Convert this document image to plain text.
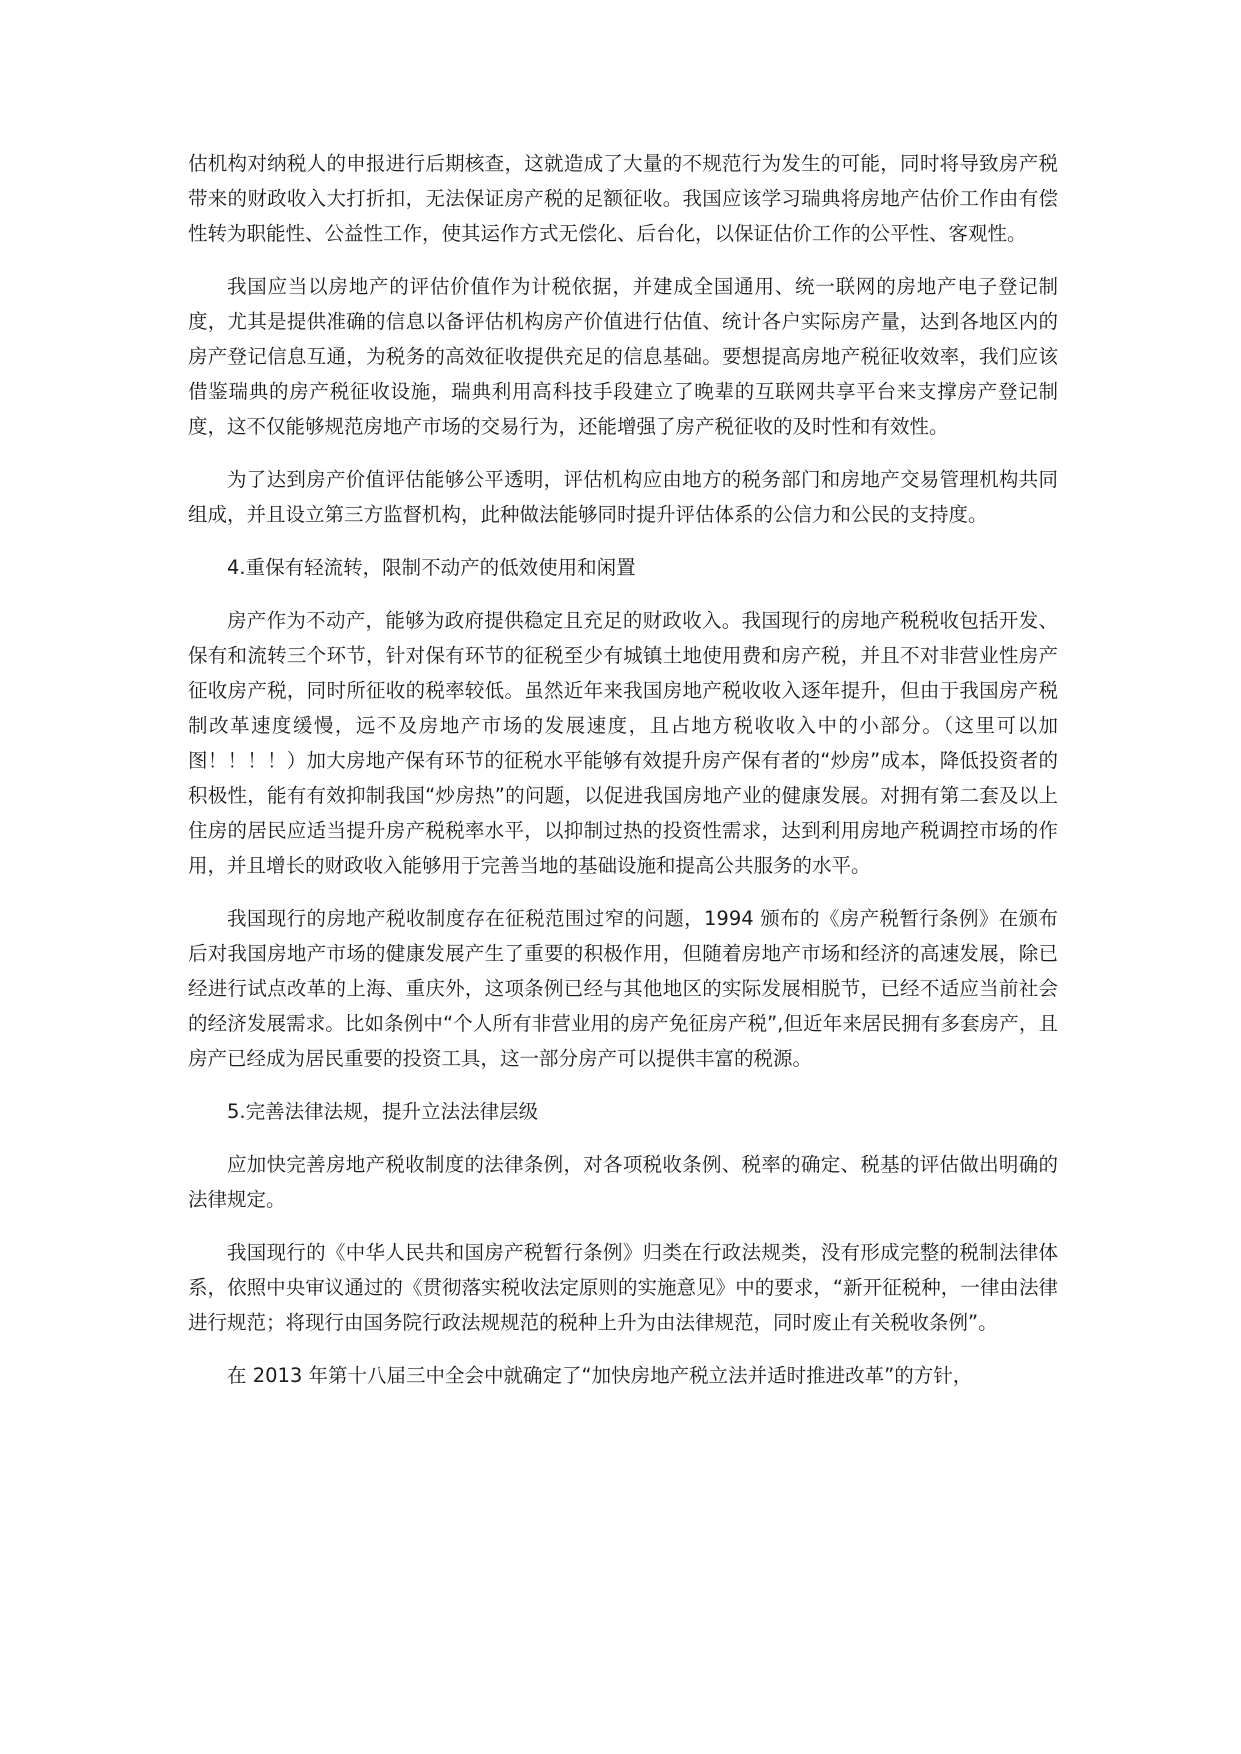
估机构对纳税人的申报进行后期核查，这就造成了大量的不规范行为发生的可能，同时将导致房产税带来的财政收入大打折扣，无法保证房产税的足额征收。我国应该学习瑞典将房地产估价工作由有偿性转为职能性、公益性工作，使其运作方式无偿化、后台化，以保证估价工作的公平性、客观性。

我国应当以房地产的评估价值作为计税依据，并建成全国通用、统一联网的房地产电子登记制度，尤其是提供准确的信息以备评估机构房产价值进行估值、统计各户实际房产量，达到各地区内的房产登记信息互通，为税务的高效征收提供充足的信息基础。要想提高房地产税征收效率，我们应该借鉴瑞典的房产税征收设施，瑞典利用高科技手段建立了晚辈的互联网共享平台来支撑房产登记制度，这不仅能够规范房地产市场的交易行为，还能增强了房产税征收的及时性和有效性。

为了达到房产价值评估能够公平透明，评估机构应由地方的税务部门和房地产交易管理机构共同组成，并且设立第三方监督机构，此种做法能够同时提升评估体系的公信力和公民的支持度。

4.重保有轻流转，限制不动产的低效使用和闲置

房产作为不动产，能够为政府提供稳定且充足的财政收入。我国现行的房地产税税收包括开发、保有和流转三个环节，针对保有环节的征税至少有城镇土地使用费和房产税，并且不对非营业性房产征收房产税，同时所征收的税率较低。虽然近年来我国房地产税收收入逐年提升，但由于我国房产税制改革速度缓慢，远不及房地产市场的发展速度，且占地方税收收入中的小部分。（这里可以加图！！！！）加大房地产保有环节的征税水平能够有效提升房产保有者的“炒房”成本，降低投资者的积极性，能有有效抑制我国“炒房热”的问题，以促进我国房地产业的健康发展。对拥有第二套及以上住房的居民应适当提升房产税税率水平，以抑制过热的投资性需求，达到利用房地产税调控市场的作用，并且增长的财政收入能够用于完善当地的基础设施和提高公共服务的水平。

我国现行的房地产税收制度存在征税范围过窄的问题，1994 颁布的《房产税暂行条例》在颁布后对我国房地产市场的健康发展产生了重要的积极作用，但随着房地产市场和经济的高速发展，除已经进行试点改革的上海、重庆外，这项条例已经与其他地区的实际发展相脱节，已经不适应当前社会的经济发展需求。比如条例中“个人所有非营业用的房产免征房产税”,但近年来居民拥有多套房产，且房产已经成为居民重要的投资工具，这一部分房产可以提供丰富的税源。

5.完善法律法规，提升立法法律层级

应加快完善房地产税收制度的法律条例，对各项税收条例、税率的确定、税基的评估做出明确的法律规定。

我国现行的《中华人民共和国房产税暂行条例》归类在行政法规类，没有形成完整的税制法律体系，依照中央审议通过的《贯彻落实税收法定原则的实施意见》中的要求，“新开征税种，一律由法律进行规范；将现行由国务院行政法规规范的税种上升为由法律规范，同时废止有关税收条例”。

在 2013 年第十八届三中全会中就确定了“加快房地产税立法并适时推进改革”的方针，
